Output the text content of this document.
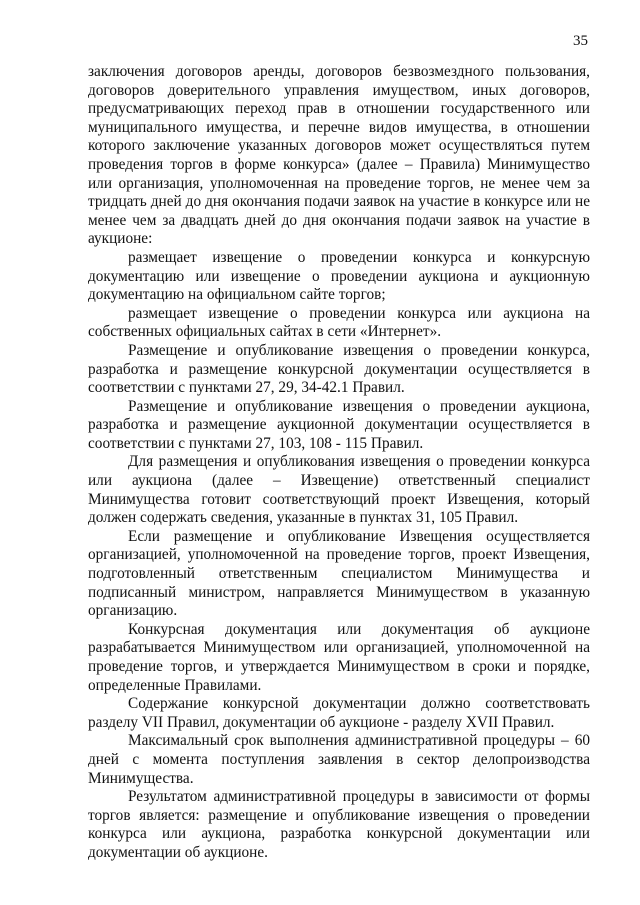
35

заключения договоров аренды, договоров безвозмездного пользования, договоров доверительного управления имуществом, иных договоров, предусматривающих переход прав в отношении государственного или муниципального имущества, и перечне видов имущества, в отношении которого заключение указанных договоров может осуществляться путем проведения торгов в форме конкурса» (далее – Правила) Минимущество или организация, уполномоченная на проведение торгов, не менее чем за тридцать дней до дня окончания подачи заявок на участие в конкурсе или не менее чем за двадцать дней до дня окончания подачи заявок на участие в аукционе:

размещает извещение о проведении конкурса и конкурсную документацию или извещение о проведении аукциона и аукционную документацию на официальном сайте торгов;

размещает извещение о проведении конкурса или аукциона на собственных официальных сайтах в сети «Интернет».

Размещение и опубликование извещения о проведении конкурса, разработка и размещение конкурсной документации осуществляется в соответствии с пунктами 27, 29, 34-42.1 Правил.

Размещение и опубликование извещения о проведении аукциона, разработка и размещение аукционной документации осуществляется в соответствии с пунктами 27, 103, 108 - 115 Правил.

Для размещения и опубликования извещения о проведении конкурса или аукциона (далее – Извещение) ответственный специалист Минимущества готовит соответствующий проект Извещения, который должен содержать сведения, указанные в пунктах 31, 105 Правил.

Если размещение и опубликование Извещения осуществляется организацией, уполномоченной на проведение торгов, проект Извещения, подготовленный ответственным специалистом Минимущества и подписанный министром, направляется Минимуществом в указанную организацию.

Конкурсная документация или документация об аукционе разрабатывается Минимуществом или организацией, уполномоченной на проведение торгов, и утверждается Минимуществом в сроки и порядке, определенные Правилами.

Содержание конкурсной документации должно соответствовать разделу VII Правил, документации об аукционе - разделу XVII Правил.

Максимальный срок выполнения административной процедуры – 60 дней с момента поступления заявления в сектор делопроизводства Минимущества.

Результатом административной процедуры в зависимости от формы торгов является: размещение и опубликование извещения о проведении конкурса или аукциона, разработка конкурсной документации или документации об аукционе.
